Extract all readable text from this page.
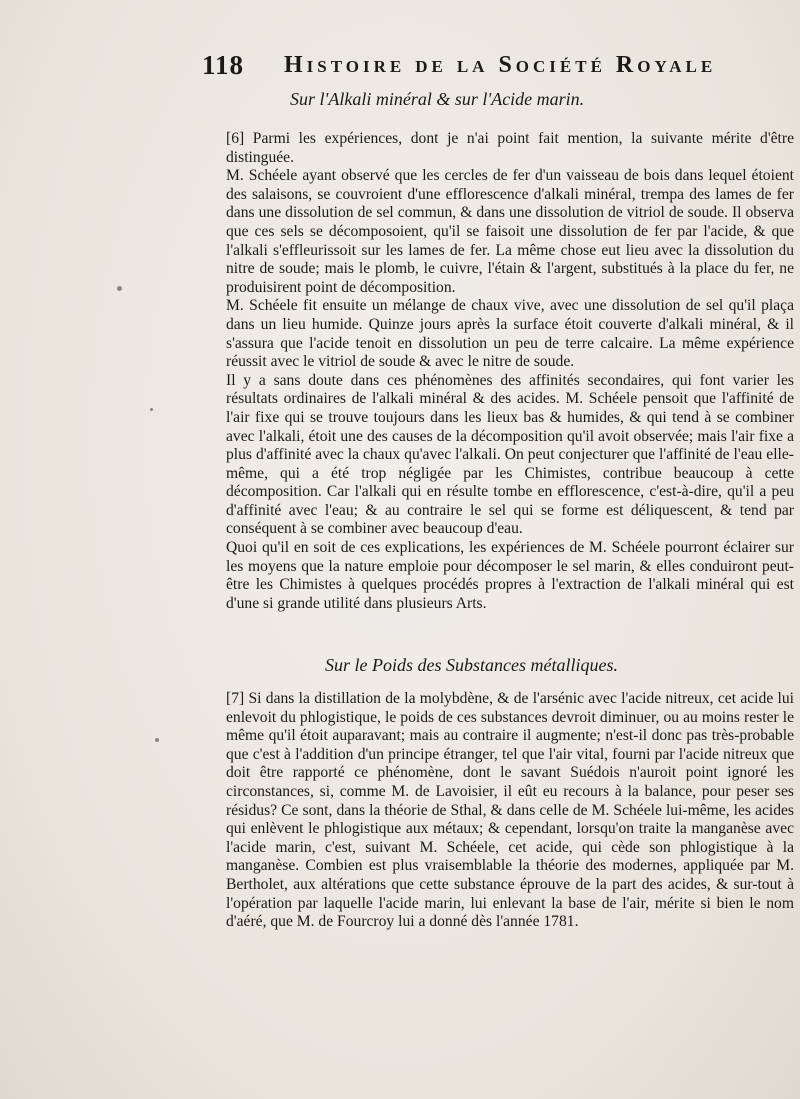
118 Histoire de la Société Royale
Sur l'Alkali minéral & sur l'Acide marin.

[6] Parmi les expériences, dont je n'ai point fait mention, la suivante mérite d'être distinguée.

M. Schéele ayant observé que les cercles de fer d'un vaisseau de bois dans lequel étoient des salaisons, se couvroient d'une efflorescence d'alkali minéral, trempa des lames de fer dans une dissolution de sel commun, & dans une dissolution de vitriol de soude. Il observa que ces sels se décomposoient, qu'il se faisoit une dissolution de fer par l'acide, & que l'alkali s'effleurissoit sur les lames de fer. La même chose eut lieu avec la dissolution du nitre de soude; mais le plomb, le cuivre, l'étain & l'argent, substitués à la place du fer, ne produisirent point de décomposition.

M. Schéele fit ensuite un mélange de chaux vive, avec une dissolution de sel qu'il plaça dans un lieu humide. Quinze jours après la surface étoit couverte d'alkali minéral, & il s'assura que l'acide tenoit en dissolution un peu de terre calcaire. La même expérience réussit avec le vitriol de soude & avec le nitre de soude.

Il y a sans doute dans ces phénomènes des affinités secondaires, qui font varier les résultats ordinaires de l'alkali minéral & des acides. M. Schéele pensoit que l'affinité de l'air fixe qui se trouve toujours dans les lieux bas & humides, & qui tend à se combiner avec l'alkali, étoit une des causes de la décomposition qu'il avoit observée; mais l'air fixe a plus d'affinité avec la chaux qu'avec l'alkali. On peut conjecturer que l'affinité de l'eau elle-même, qui a été trop négligée par les Chimistes, contribue beaucoup à cette décomposition. Car l'alkali qui en résulte tombe en efflorescence, c'est-à-dire, qu'il a peu d'affinité avec l'eau; & au contraire le sel qui se forme est déliquescent, & tend par conséquent à se combiner avec beaucoup d'eau.

Quoi qu'il en soit de ces explications, les expériences de M. Schéele pourront éclairer sur les moyens que la nature emploie pour décomposer le sel marin, & elles conduiront peut-être les Chimistes à quelques procédés propres à l'extraction de l'alkali minéral qui est d'une si grande utilité dans plusieurs Arts.

Sur le Poids des Substances métalliques.

[7] Si dans la distillation de la molybdène, & de l'arsénic avec l'acide nitreux, cet acide lui enlevoit du phlogistique, le poids de ces substances devroit diminuer, ou au moins rester le même qu'il étoit auparavant; mais au contraire il augmente; n'est-il donc pas très-probable que c'est à l'addition d'un principe étranger, tel que l'air vital, fourni par l'acide nitreux que doit être rapporté ce phénomène, dont le savant Suédois n'auroit point ignoré les circonstances, si, comme M. de Lavoisier, il eût eu recours à la balance, pour peser ses résidus? Ce sont, dans la théorie de Sthal, & dans celle de M. Schéele lui-même, les acides qui enlèvent le phlogistique aux métaux; & cependant, lorsqu'on traite la manganèse avec l'acide marin, c'est, suivant M. Schéele, cet acide, qui cède son phlogistique à la manganèse. Combien est plus vraisemblable la théorie des modernes, appliquée par M. Bertholet, aux altérations que cette substance éprouve de la part des acides, & sur-tout à l'opération par laquelle l'acide marin, lui enlevant la base de l'air, mérite si bien le nom d'aéré, que M. de Fourcroy lui a donné dès l'année 1781.
